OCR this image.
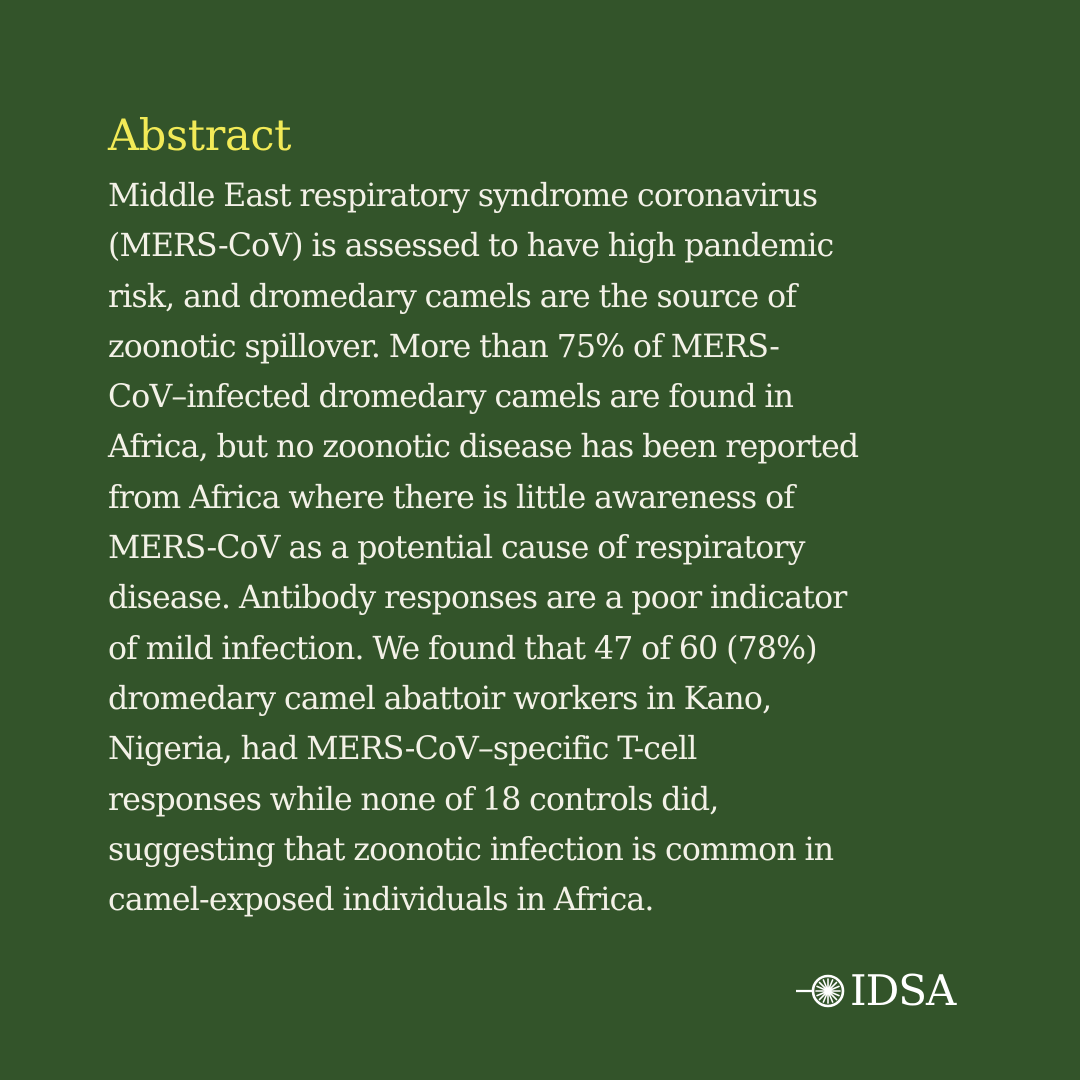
Abstract

Middle East respiratory syndrome coronavirus
(MERS-CoV) is assessed to have high pandemic
risk, and dromedary camels are the source of
zoonotic spillover. More than 75% of MERS-
CoV–infected dromedary camels are found in
Africa, but no zoonotic disease has been reported
from Africa where there is little awareness of
MERS-CoV as a potential cause of respiratory
disease. Antibody responses are a poor indicator
of mild infection. We found that 47 of 60 (78%)
dromedary camel abattoir workers in Kano,
Nigeria, had MERS-CoV–specific T-cell
responses while none of 18 controls did,
suggesting that zoonotic infection is common in
camel-exposed individuals in Africa.

IDSA
